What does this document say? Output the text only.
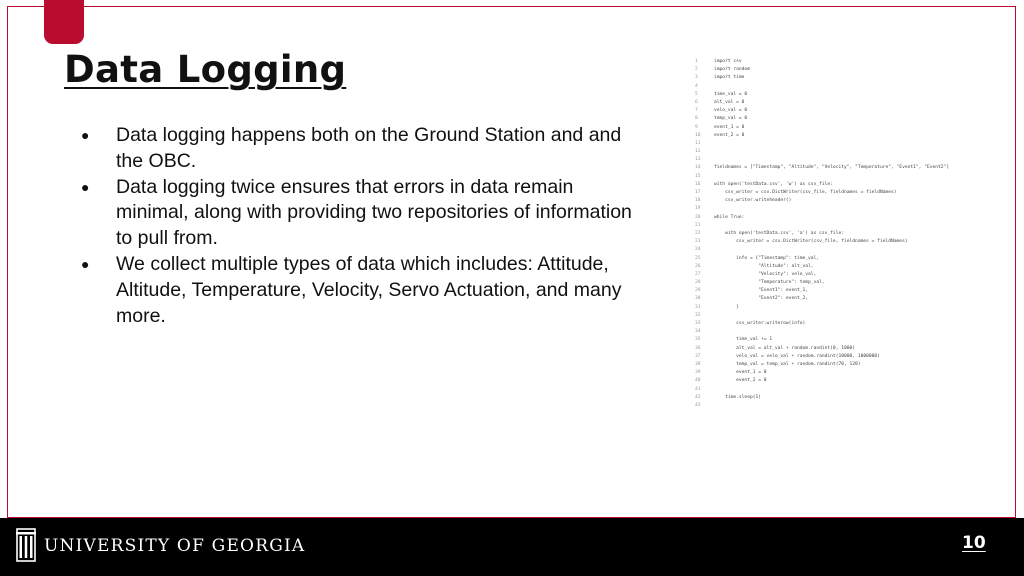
Data Logging
● Data logging happens both on the Ground Station and and the OBC.
● Data logging twice ensures that errors in data remain minimal, along with providing two repositories of information to pull from.
● We collect multiple types of data which includes: Attitude, Altitude, Temperature, Velocity, Servo Actuation, and many more.
1	import csv
2	import random
3	import time
4
5	time_val = 0
6	alt_val = 0
7	velo_val = 0
8	temp_val = 0
9	event_1 = 0
10	event_2 = 0
11
12
13
14	fieldnames = ["Timestamp", "Altitude", "Velocity", "Temperature", "Event1", "Event2"]
15
16	with open('testData.csv', 'w') as csv_file:
17	csv_writer = csv.DictWriter(csv_file, fieldnames = fieldNames)
18	csv_writer.writeheader()
19
20	while True:
21
22	with open('testData.csv', 'a') as csv_file:
23	csv_writer = csv.DictWriter(csv_file, fieldnames = fieldNames)
24
25	info = {"Timestamp": time_val,
26	"Altitude": alt_val,
27	"Velocity": velo_val,
28	"Temperature": temp_val,
29	"Event1": event_1,
30	"Event2": event_2,
31	}
32
33	csv_writer.writerow(info)
34
35	time_val += 1
36	alt_val = alt_val + random.randint(0, 1000)
37	velo_val = velo_val + random.randint(10000, 1000000)
38	temp_val = temp_val + random.randint(70, 120)
39	event_1 = 0
40	event_2 = 0
41
42	time.sleep(1)
43
UNIVERSITY OF GEORGIA	10
